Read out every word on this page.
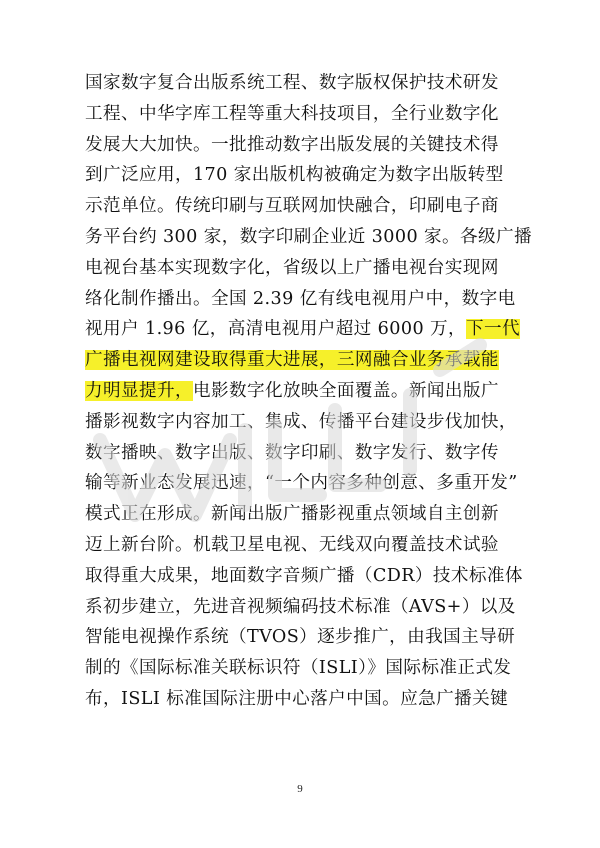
国家数字复合出版系统工程、数字版权保护技术研发
工程、中华字库工程等重大科技项目，全行业数字化
发展大大加快。一批推动数字出版发展的关键技术得
到广泛应用，170 家出版机构被确定为数字出版转型
示范单位。传统印刷与互联网加快融合，印刷电子商
务平台约 300 家，数字印刷企业近 3000 家。各级广播
电视台基本实现数字化，省级以上广播电视台实现网
络化制作播出。全国 2.39 亿有线电视用户中，数字电
视用户 1.96 亿，高清电视用户超过 6000 万，下一代
广播电视网建设取得重大进展，三网融合业务承载能
力明显提升，电影数字化放映全面覆盖。新闻出版广
播影视数字内容加工、集成、传播平台建设步伐加快，
数字播映、数字出版、数字印刷、数字发行、数字传
输等新业态发展迅速，“一个内容多种创意、多重开发”
模式正在形成。新闻出版广播影视重点领域自主创新
迈上新台阶。机载卫星电视、无线双向覆盖技术试验
取得重大成果，地面数字音频广播（CDR）技术标准体
系初步建立，先进音视频编码技术标准（AVS+）以及
智能电视操作系统（TVOS）逐步推广，由我国主导研
制的《国际标准关联标识符（ISLI）》国际标准正式发
布，ISLI 标准国际注册中心落户中国。应急广播关键
9
